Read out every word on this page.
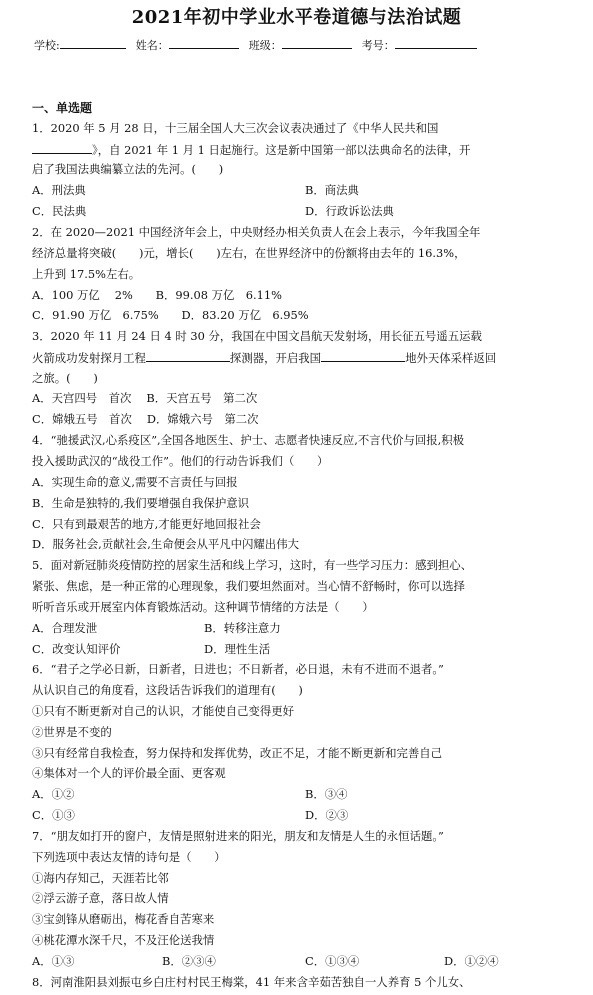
2021年初中学业水平卷道德与法治试题
学校:	姓名：	班级：	考号：
一、单选题
1．2020 年 5 月 28 日，十三届全国人大三次会议表决通过了《中华人民共和国
》，自 2021 年 1 月 1 日起施行。这是新中国第一部以法典命名的法律，开
启了我国法典编纂立法的先河。(　　)
A．刑法典	B．商法典
C．民法典	D．行政诉讼法典
2．在 2020—2021 中国经济年会上，中央财经办相关负责人在会上表示，今年我国全年
经济总量将突破(　　)元，增长(　　)左右，在世界经济中的份额将由去年的 16.3%，
上升到 17.5%左右。
A．100 万亿　 2%　　B．99.08 万亿　6.11%
C．91.90 万亿　6.75%　　D．83.20 万亿　6.95%
3．2020 年 11 月 24 日 4 时 30 分，我国在中国文昌航天发射场，用长征五号遥五运载
火箭成功发射探月工程	探测器，开启我国	地外天体采样返回
之旅。(　　)
A．天宫四号　首次　 B．天宫五号　第二次
C．嫦娥五号　首次　 D．嫦娥六号　第二次
4．“驰援武汉,心系疫区”,全国各地医生、护士、志愿者快速反应,不言代价与回报,积极
投入援助武汉的“战役工作”。他们的行动告诉我们（　　）
A．实现生命的意义,需要不言责任与回报
B．生命是独特的,我们要增强自我保护意识
C．只有到最艰苦的地方,才能更好地回报社会
D．服务社会,贡献社会,生命便会从平凡中闪耀出伟大
5．面对新冠肺炎疫情防控的居家生活和线上学习，这时，有一些学习压力：感到担心、
紧张、焦虑，是一种正常的心理现象，我们要坦然面对。当心情不舒畅时，你可以选择
听听音乐或开展室内体育锻炼活动。这种调节情绪的方法是（　　）
A．合理发泄	B．转移注意力
C．改变认知评价	D．理性生活
6．“君子之学必日新，日新者，日进也；不日新者，必日退，未有不进而不退者。”
从认识自己的角度看，这段话告诉我们的道理有(　　)
①只有不断更新对自己的认识，才能使自己变得更好
②世界是不变的
③只有经常自我检查，努力保持和发挥优势，改正不足，才能不断更新和完善自己
④集体对一个人的评价最全面、更客观
A．①②	B．③④
C．①③	D．②③
7．“朋友如打开的窗户，友情是照射进来的阳光，朋友和友情是人生的永恒话题。”
下列选项中表达友情的诗句是（　　）
①海内存知己，天涯若比邻
②浮云游子意，落日故人情
③宝剑锋从磨砺出，梅花香自苦寒来
④桃花潭水深千尺，不及汪伦送我情
A．①③	B．②③④	C．①③④	D．①②④
8．河南淮阳县刘振屯乡白庄村村民王梅棠，41 年来含辛茹苦独自一人养育 5 个儿女、
